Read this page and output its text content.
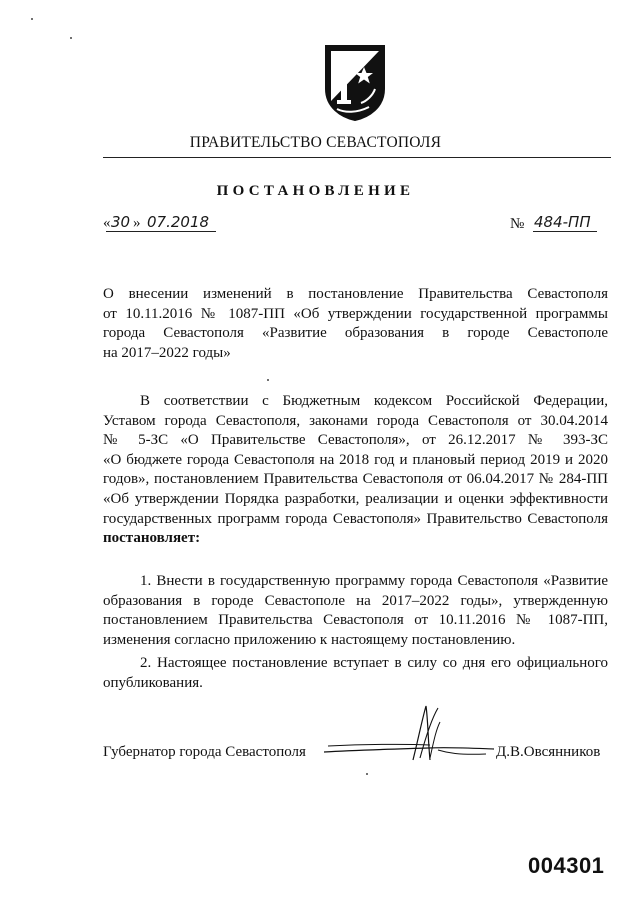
ПРАВИТЕЛЬСТВО СЕВАСТОПОЛЯ
ПОСТАНОВЛЕНИЕ
« 30 » 07.2018	№ 484-ПП
О внесении изменений в постановление Правительства Севастополя
от 10.11.2016 № 1087-ПП «Об утверждении государственной программы
города Севастополя «Развитие образования в городе Севастополе
на 2017–2022 годы»
В соответствии с Бюджетным кодексом Российской Федерации,
Уставом города Севастополя, законами города Севастополя от 30.04.2014
№ 5-ЗС «О Правительстве Севастополя», от 26.12.2017 № 393-ЗС
«О бюджете города Севастополя на 2018 год и плановый период 2019 и 2020
годов», постановлением Правительства Севастополя от 06.04.2017 № 284-ПП
«Об утверждении Порядка разработки, реализации и оценки эффективности
государственных программ города Севастополя» Правительство Севастополя
постановляет:
1. Внести в государственную программу города Севастополя «Развитие
образования в городе Севастополе на 2017–2022 годы», утвержденную
постановлением Правительства Севастополя от 10.11.2016 № 1087-ПП,
изменения согласно приложению к настоящему постановлению.
2. Настоящее постановление вступает в силу со дня его официального
опубликования.
Губернатор города Севастополя	Д.В.Овсянников
004301
